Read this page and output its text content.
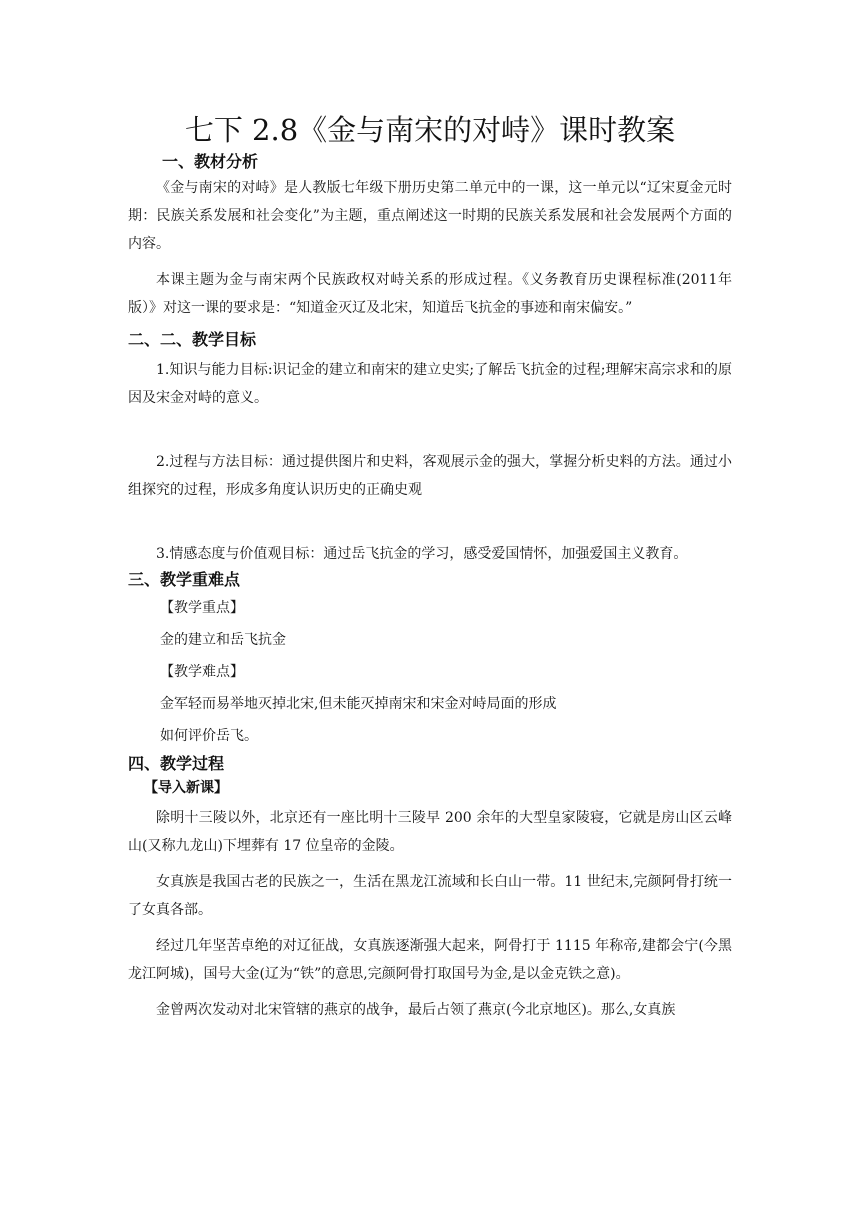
七下 2.8《金与南宋的对峙》课时教案
一、教材分析

《金与南宋的对峙》是人教版七年级下册历史第二单元中的一课，这一单元以“辽宋夏金元时期：民族关系发展和社会变化”为主题，重点阐述这一时期的民族关系发展和社会发展两个方面的内容。

本课主题为金与南宋两个民族政权对峙关系的形成过程。《义务教育历史课程标准(2011年版）》对这一课的要求是：“知道金灭辽及北宋，知道岳飞抗金的事迹和南宋偏安。”

二、二、教学目标

1.知识与能力目标:识记金的建立和南宋的建立史实;了解岳飞抗金的过程;理解宋高宗求和的原因及宋金对峙的意义。

2.过程与方法目标：通过提供图片和史料，客观展示金的强大，掌握分析史料的方法。通过小组探究的过程，形成多角度认识历史的正确史观

3.情感态度与价值观目标：通过岳飞抗金的学习，感受爱国情怀，加强爱国主义教育。

三、教学重难点

【教学重点】

金的建立和岳飞抗金

【教学难点】

金军轻而易举地灭掉北宋,但未能灭掉南宋和宋金对峙局面的形成

如何评价岳飞。

四、教学过程
【导入新课】

除明十三陵以外，北京还有一座比明十三陵早 200 余年的大型皇家陵寝，它就是房山区云峰山(又称九龙山)下埋葬有 17 位皇帝的金陵。

女真族是我国古老的民族之一，生活在黑龙江流域和长白山一带。11 世纪末,完颜阿骨打统一了女真各部。

经过几年坚苦卓绝的对辽征战，女真族逐渐强大起来，阿骨打于 1115 年称帝,建都会宁(今黑龙江阿城)，国号大金(辽为“铁”的意思,完颜阿骨打取国号为金,是以金克铁之意)。

金曾两次发动对北宋管辖的燕京的战争，最后占领了燕京(今北京地区)。那么,女真族
